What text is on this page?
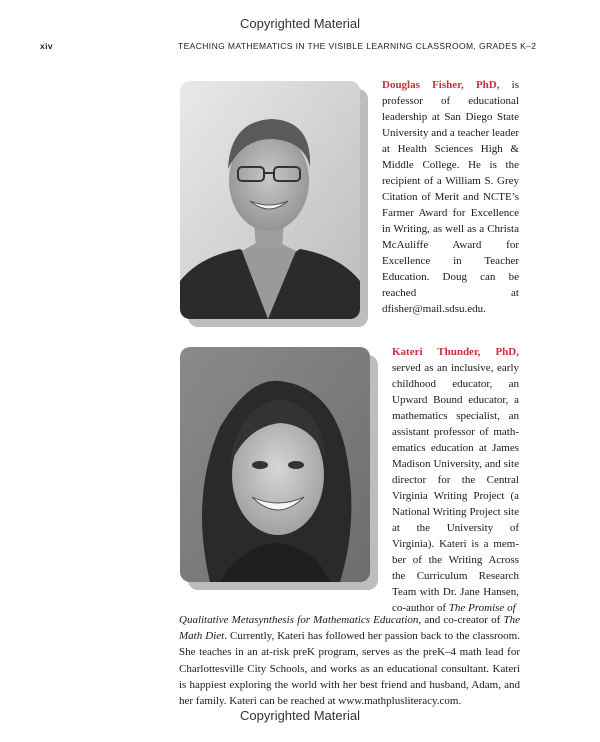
Copyrighted Material
xiv	TEACHING MATHEMATICS IN THE VISIBLE LEARNING CLASSROOM, GRADES K–2

Douglas Fisher, PhD, is professor of educational leadership at San Diego State University and a teacher leader at Health Sciences High & Middle College. He is the recipient of a William S. Grey Citation of Merit and NCTE’s Farmer Award for Excellence in Writing, as well as a Christa McAuliffe Award for Excellence in Teacher Education. Doug can be reached at dfisher@mail.sdsu.edu.

Kateri Thunder, PhD, served as an inclusive, early childhood educator, an Upward Bound educator, a mathematics specialist, an assistant professor of mathematics education at James Madison University, and site director for the Central Virginia Writing Project (a National Writing Project site at the University of Virginia). Kateri is a member of the Writing Across the Curriculum Research Team with Dr. Jane Hansen, co-author of The Promise of

Qualitative Metasynthesis for Mathematics Education, and co-creator of The Math Diet. Currently, Kateri has followed her passion back to the classroom. She teaches in an at-risk preK program, serves as the preK–4 math lead for Charlottesville City Schools, and works as an educational consultant. Kateri is happiest exploring the world with her best friend and husband, Adam, and her family. Kateri can be reached at www.mathplusliteracy.com.

Copyrighted Material
